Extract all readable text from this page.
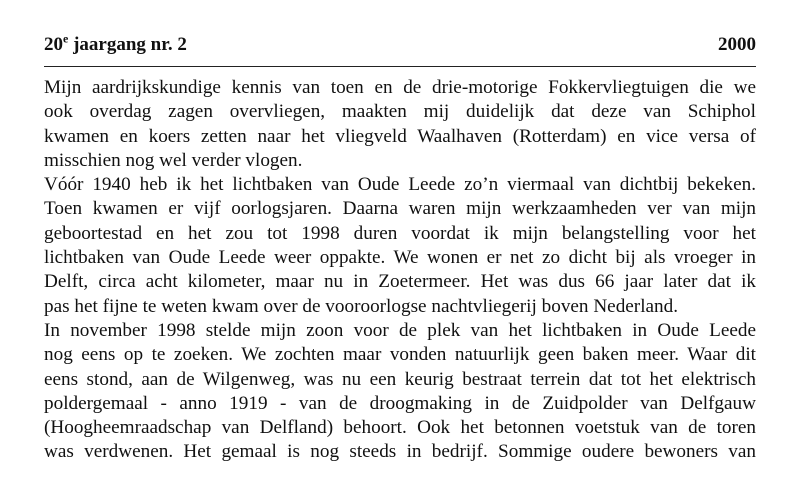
20e jaargang nr. 2	2000
Mijn aardrijkskundige kennis van toen en de drie-motorige Fokkervliegtuigen die we
ook overdag zagen overvliegen, maakten mij duidelijk dat deze van Schiphol
kwamen en koers zetten naar het vliegveld Waalhaven (Rotterdam) en vice versa of
misschien nog wel verder vlogen.
Vóór 1940 heb ik het lichtbaken van Oude Leede zo’n viermaal van dichtbij bekeken.
Toen kwamen er vijf oorlogsjaren. Daarna waren mijn werkzaamheden ver van mijn
geboortestad en het zou tot 1998 duren voordat ik mijn belangstelling voor het
lichtbaken van Oude Leede weer oppakte. We wonen er net zo dicht bij als vroeger in
Delft, circa acht kilometer, maar nu in Zoetermeer. Het was dus 66 jaar later dat ik
pas het fijne te weten kwam over de vooroorlogse nachtvliegerij boven Nederland.
In november 1998 stelde mijn zoon voor de plek van het lichtbaken in Oude Leede
nog eens op te zoeken. We zochten maar vonden natuurlijk geen baken meer. Waar dit
eens stond, aan de Wilgenweg, was nu een keurig bestraat terrein dat tot het elektrisch
poldergemaal - anno 1919 - van de droogmaking in de Zuidpolder van Delfgauw
(Hoogheemraadschap van Delfland) behoort. Ook het betonnen voetstuk van de toren
was verdwenen. Het gemaal is nog steeds in bedrijf. Sommige oudere bewoners van
